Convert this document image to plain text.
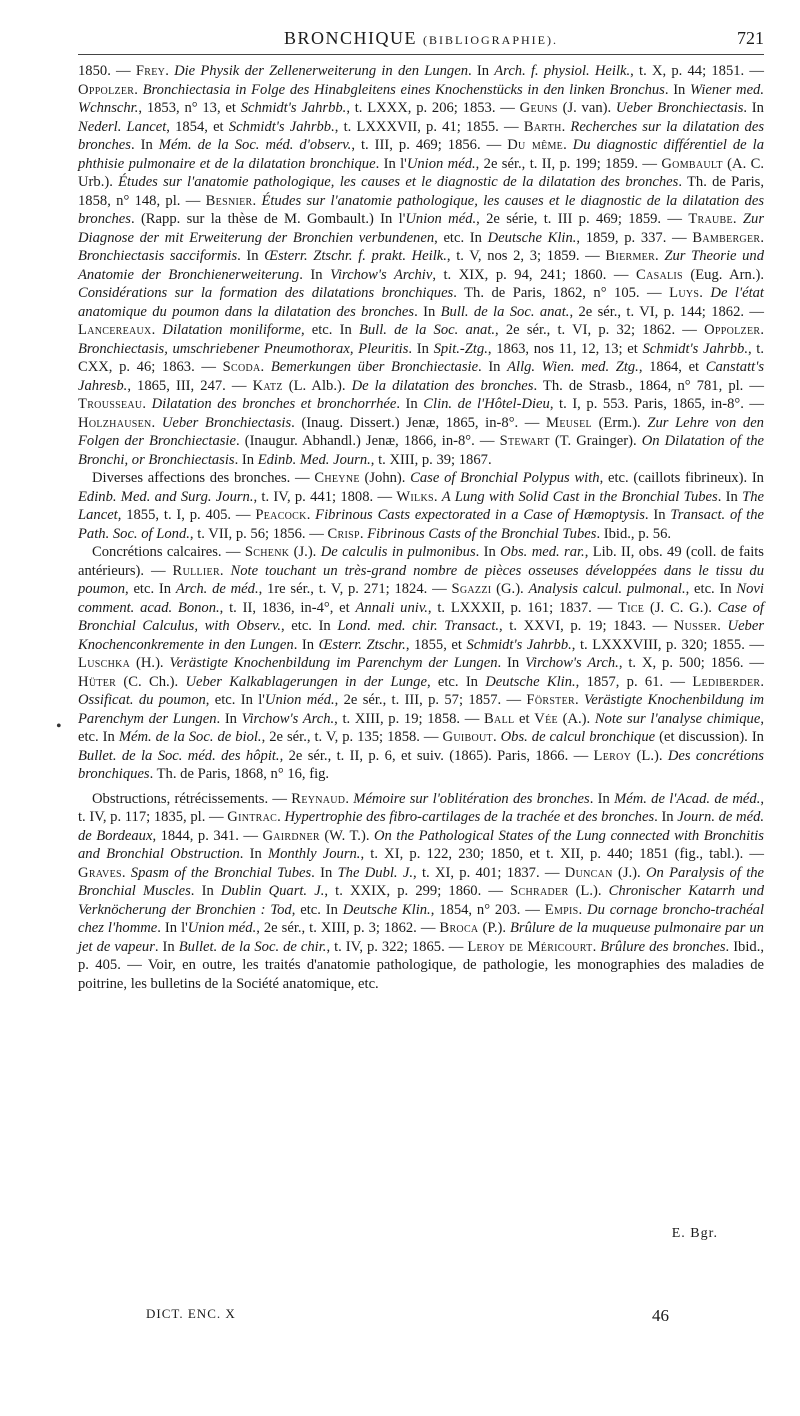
BRONCHIQUE (BIBLIOGRAPHIE).	721
•

1850. — Frey. Die Physik der Zellenerweiterung in den Lungen. In Arch. f. physiol. Heilk., t. X, p. 44; 1851. — Oppolzer. Bronchiectasia in Folge des Hinabgleitens eines Knochenstücks in den linken Bronchus. In Wiener med. Wchnschr., 1853, n° 13, et Schmidt's Jahrbb., t. LXXX, p. 206; 1853. — Geuns (J. van). Ueber Bronchiectasis. In Nederl. Lancet, 1854, et Schmidt's Jahrbb., t. LXXXVII, p. 41; 1855. — Barth. Recherches sur la dilatation des bronches. In Mém. de la Soc. méd. d'observ., t. III, p. 469; 1856. — Du même. Du diagnostic différentiel de la phthisie pulmonaire et de la dilatation bronchique. In l'Union méd., 2e sér., t. II, p. 199; 1859. — Gombault (A. C. Urb.). Études sur l'anatomie pathologique, les causes et le diagnostic de la dilatation des bronches. Th. de Paris, 1858, n° 148, pl. — Besnier. Études sur l'anatomie pathologique, les causes et le diagnostic de la dilatation des bronches. (Rapp. sur la thèse de M. Gombault.) In l'Union méd., 2e série, t. III p. 469; 1859. — Traube. Zur Diagnose der mit Erweiterung der Bronchien verbundenen, etc. In Deutsche Klin., 1859, p. 337. — Bamberger. Bronchiectasis sacciformis. In Œsterr. Ztschr. f. prakt. Heilk., t. V, nos 2, 3; 1859. — Biermer. Zur Theorie und Anatomie der Bronchienerweiterung. In Virchow's Archiv, t. XIX, p. 94, 241; 1860. — Casalis (Eug. Arn.). Considérations sur la formation des dilatations bronchiques. Th. de Paris, 1862, n° 105. — Luys. De l'état anatomique du poumon dans la dilatation des bronches. In Bull. de la Soc. anat., 2e sér., t. VI, p. 144; 1862. — Lancereaux. Dilatation moniliforme, etc. In Bull. de la Soc. anat., 2e sér., t. VI, p. 32; 1862. — Oppolzer. Bronchiectasis, umschriebener Pneumothorax, Pleuritis. In Spit.-Ztg., 1863, nos 11, 12, 13; et Schmidt's Jahrbb., t. CXX, p. 46; 1863. — Scoda. Bemerkungen über Bronchiectasie. In Allg. Wien. med. Ztg., 1864, et Canstatt's Jahresb., 1865, III, 247. — Katz (L. Alb.). De la dilatation des bronches. Th. de Strasb., 1864, n° 781, pl. — Trousseau. Dilatation des bronches et bronchorrhée. In Clin. de l'Hôtel-Dieu, t. I, p. 553. Paris, 1865, in-8°. — Holzhausen. Ueber Bronchiectasis. (Inaug. Dissert.) Jenæ, 1865, in-8°. — Meusel (Erm.). Zur Lehre von den Folgen der Bronchiectasie. (Inaugur. Abhandl.) Jenæ, 1866, in-8°. — Stewart (T. Grainger). On Dilatation of the Bronchi, or Bronchiectasis. In Edinb. Med. Journ., t. XIII, p. 39; 1867.

Diverses affections des bronches. — Cheyne (John). Case of Bronchial Polypus with, etc. (caillots fibrineux). In Edinb. Med. and Surg. Journ., t. IV, p. 441; 1808. — Wilks. A Lung with Solid Cast in the Bronchial Tubes. In The Lancet, 1855, t. I, p. 405. — Peacock. Fibrinous Casts expectorated in a Case of Hæmoptysis. In Transact. of the Path. Soc. of Lond., t. VII, p. 56; 1856. — Crisp. Fibrinous Casts of the Bronchial Tubes. Ibid., p. 56.

Concrétions calcaires. — Schenk (J.). De calculis in pulmonibus. In Obs. med. rar., Lib. II, obs. 49 (coll. de faits antérieurs). — Rullier. Note touchant un très-grand nombre de pièces osseuses développées dans le tissu du poumon, etc. In Arch. de méd., 1re sér., t. V, p. 271; 1824. — Sgazzi (G.). Analysis calcul. pulmonal., etc. In Novi comment. acad. Bonon., t. II, 1836, in-4°, et Annali univ., t. LXXXII, p. 161; 1837. — Tice (J. C. G.). Case of Bronchial Calculus, with Observ., etc. In Lond. med. chir. Transact., t. XXVI, p. 19; 1843. — Nusser. Ueber Knochenconkremente in den Lungen. In Œsterr. Ztschr., 1855, et Schmidt's Jahrbb., t. LXXXVIII, p. 320; 1855. — Luschka (H.). Verästigte Knochenbildung im Parenchym der Lungen. In Virchow's Arch., t. X, p. 500; 1856. — Hüter (C. Ch.). Ueber Kalkablagerungen in der Lunge, etc. In Deutsche Klin., 1857, p. 61. — Lediberder. Ossificat. du poumon, etc. In l'Union méd., 2e sér., t. III, p. 57; 1857. — Förster. Verästigte Knochenbildung im Parenchym der Lungen. In Virchow's Arch., t. XIII, p. 19; 1858. — Ball et Vée (A.). Note sur l'analyse chimique, etc. In Mém. de la Soc. de biol., 2e sér., t. V, p. 135; 1858. — Guibout. Obs. de calcul bronchique (et discussion). In Bullet. de la Soc. méd. des hôpit., 2e sér., t. II, p. 6, et suiv. (1865). Paris, 1866. — Leroy (L.). Des concrétions bronchiques. Th. de Paris, 1868, n° 16, fig.

Obstructions, rétrécissements. — Reynaud. Mémoire sur l'oblitération des bronches. In Mém. de l'Acad. de méd., t. IV, p. 117; 1835, pl. — Gintrac. Hypertrophie des fibro-cartilages de la trachée et des bronches. In Journ. de méd. de Bordeaux, 1844, p. 341. — Gairdner (W. T.). On the Pathological States of the Lung connected with Bronchitis and Bronchial Obstruction. In Monthly Journ., t. XI, p. 122, 230; 1850, et t. XII, p. 440; 1851 (fig., tabl.). — Graves. Spasm of the Bronchial Tubes. In The Dubl. J., t. XI, p. 401; 1837. — Duncan (J.). On Paralysis of the Bronchial Muscles. In Dublin Quart. J., t. XXIX, p. 299; 1860. — Schrader (L.). Chronischer Katarrh und Verknöcherung der Bronchien : Tod, etc. In Deutsche Klin., 1854, n° 203. — Empis. Du cornage broncho-trachéal chez l'homme. In l'Union méd., 2e sér., t. XIII, p. 3; 1862. — Broca (P.). Brûlure de la muqueuse pulmonaire par un jet de vapeur. In Bullet. de la Soc. de chir., t. IV, p. 322; 1865. — Leroy de Méricourt. Brûlure des bronches. Ibid., p. 405. — Voir, en outre, les traités d'anatomie pathologique, de pathologie, les monographies des maladies de poitrine, les bulletins de la Société anatomique, etc.

E. Bgr.
DICT. ENC. X	46
